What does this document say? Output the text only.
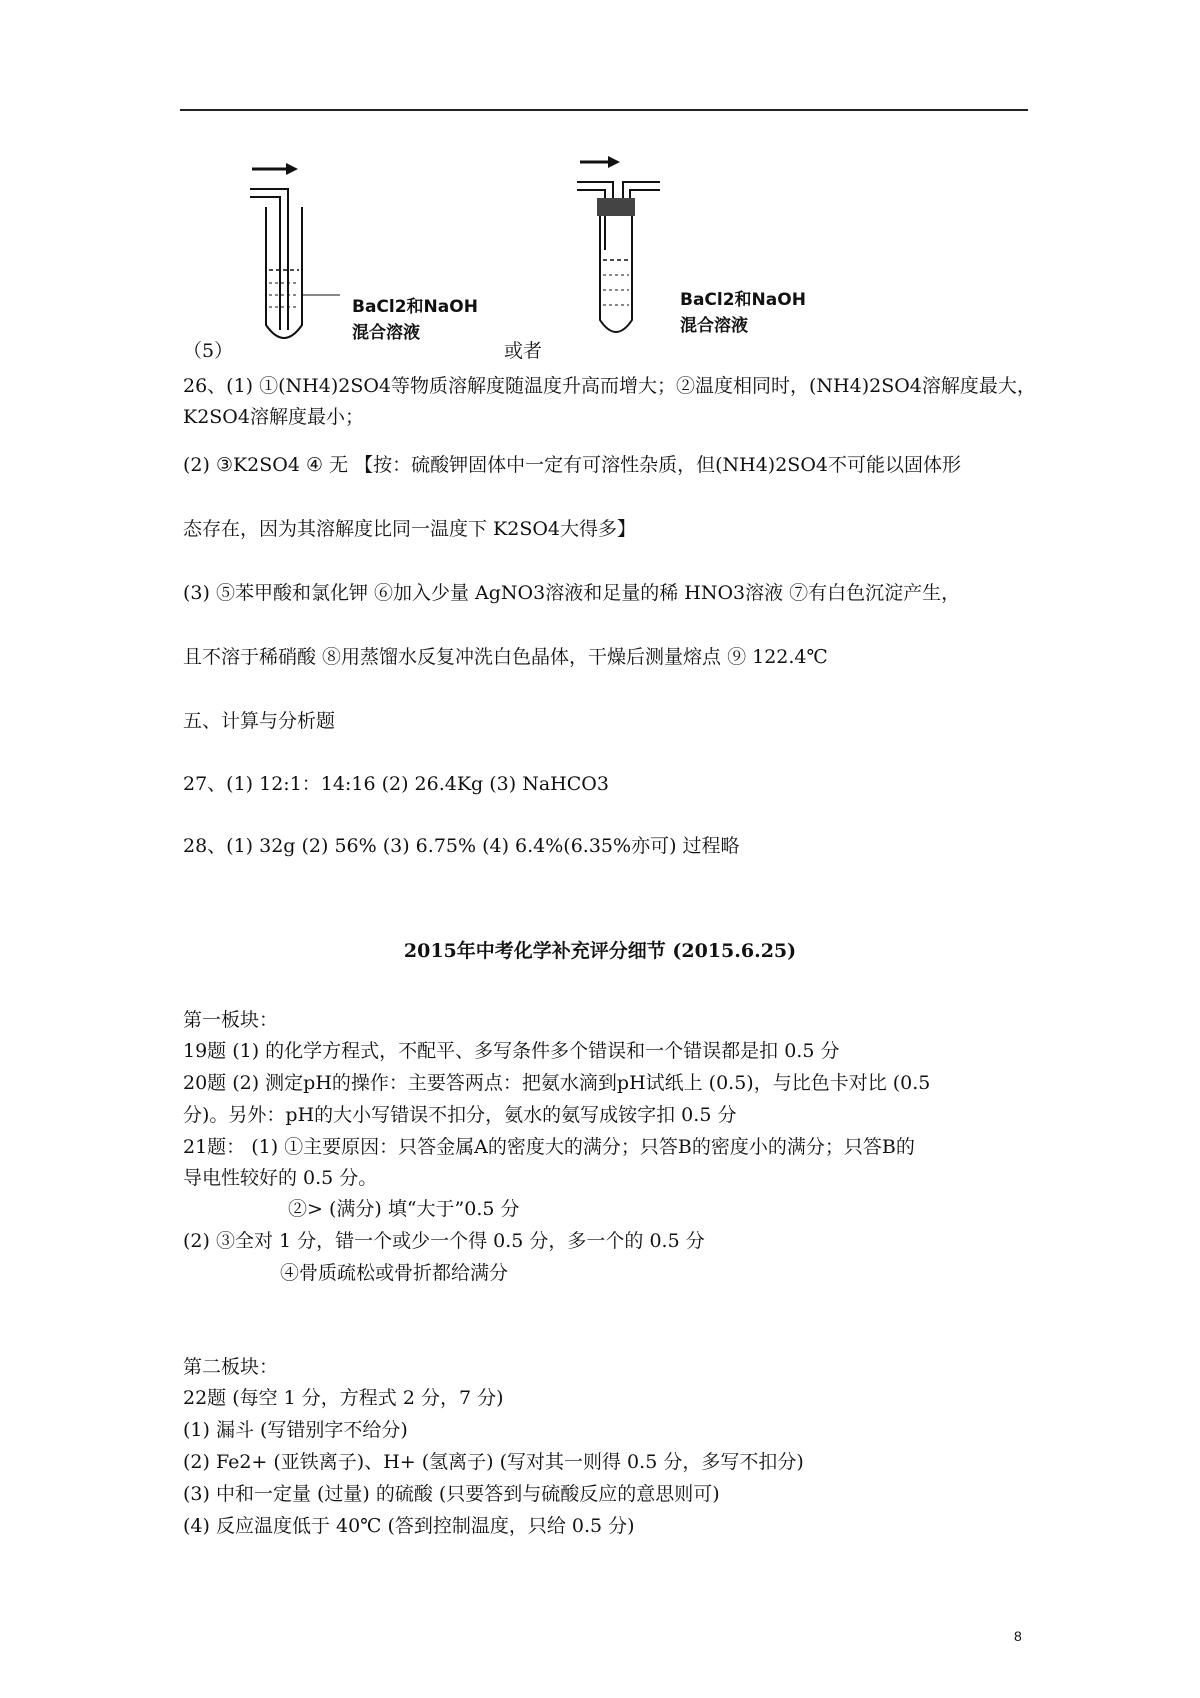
BaCl2和NaOH
混合溶液
BaCl2和NaOH
混合溶液
（5）	或者
26、(1) ①(NH4)2SO4等物质溶解度随温度升高而增大；②温度相同时，(NH4)2SO4溶解度最大，
K2SO4溶解度最小；
(2) ③K2SO4 ④ 无 【按：硫酸钾固体中一定有可溶性杂质，但(NH4)2SO4不可能以固体形
态存在，因为其溶解度比同一温度下 K2SO4大得多】
(3) ⑤苯甲酸和氯化钾 ⑥加入少量 AgNO3溶液和足量的稀 HNO3溶液 ⑦有白色沉淀产生，
且不溶于稀硝酸 ⑧用蒸馏水反复冲洗白色晶体，干燥后测量熔点 ⑨ 122.4℃
五、计算与分析题
27、(1) 12:1：14:16 (2) 26.4Kg (3) NaHCO3
28、(1) 32g (2) 56% (3) 6.75% (4) 6.4%(6.35%亦可) 过程略
2015年中考化学补充评分细节 (2015.6.25)
第一板块：
19题 (1) 的化学方程式，不配平、多写条件多个错误和一个错误都是扣 0.5 分
20题 (2) 测定pH的操作：主要答两点：把氨水滴到pH试纸上 (0.5)，与比色卡对比 (0.5
分)。另外：pH的大小写错误不扣分，氨水的氨写成铵字扣 0.5 分
21题： (1) ①主要原因：只答金属A的密度大的满分；只答B的密度小的满分；只答B的
导电性较好的 0.5 分。
②> (满分) 填“大于”0.5 分
(2) ③全对 1 分，错一个或少一个得 0.5 分，多一个的 0.5 分
④骨质疏松或骨折都给满分
第二板块：
22题 (每空 1 分，方程式 2 分，7 分)
(1) 漏斗 (写错别字不给分)
(2) Fe2+ (亚铁离子)、H+ (氢离子) (写对其一则得 0.5 分，多写不扣分)
(3) 中和一定量 (过量) 的硫酸 (只要答到与硫酸反应的意思则可)
(4) 反应温度低于 40℃ (答到控制温度，只给 0.5 分)
8
